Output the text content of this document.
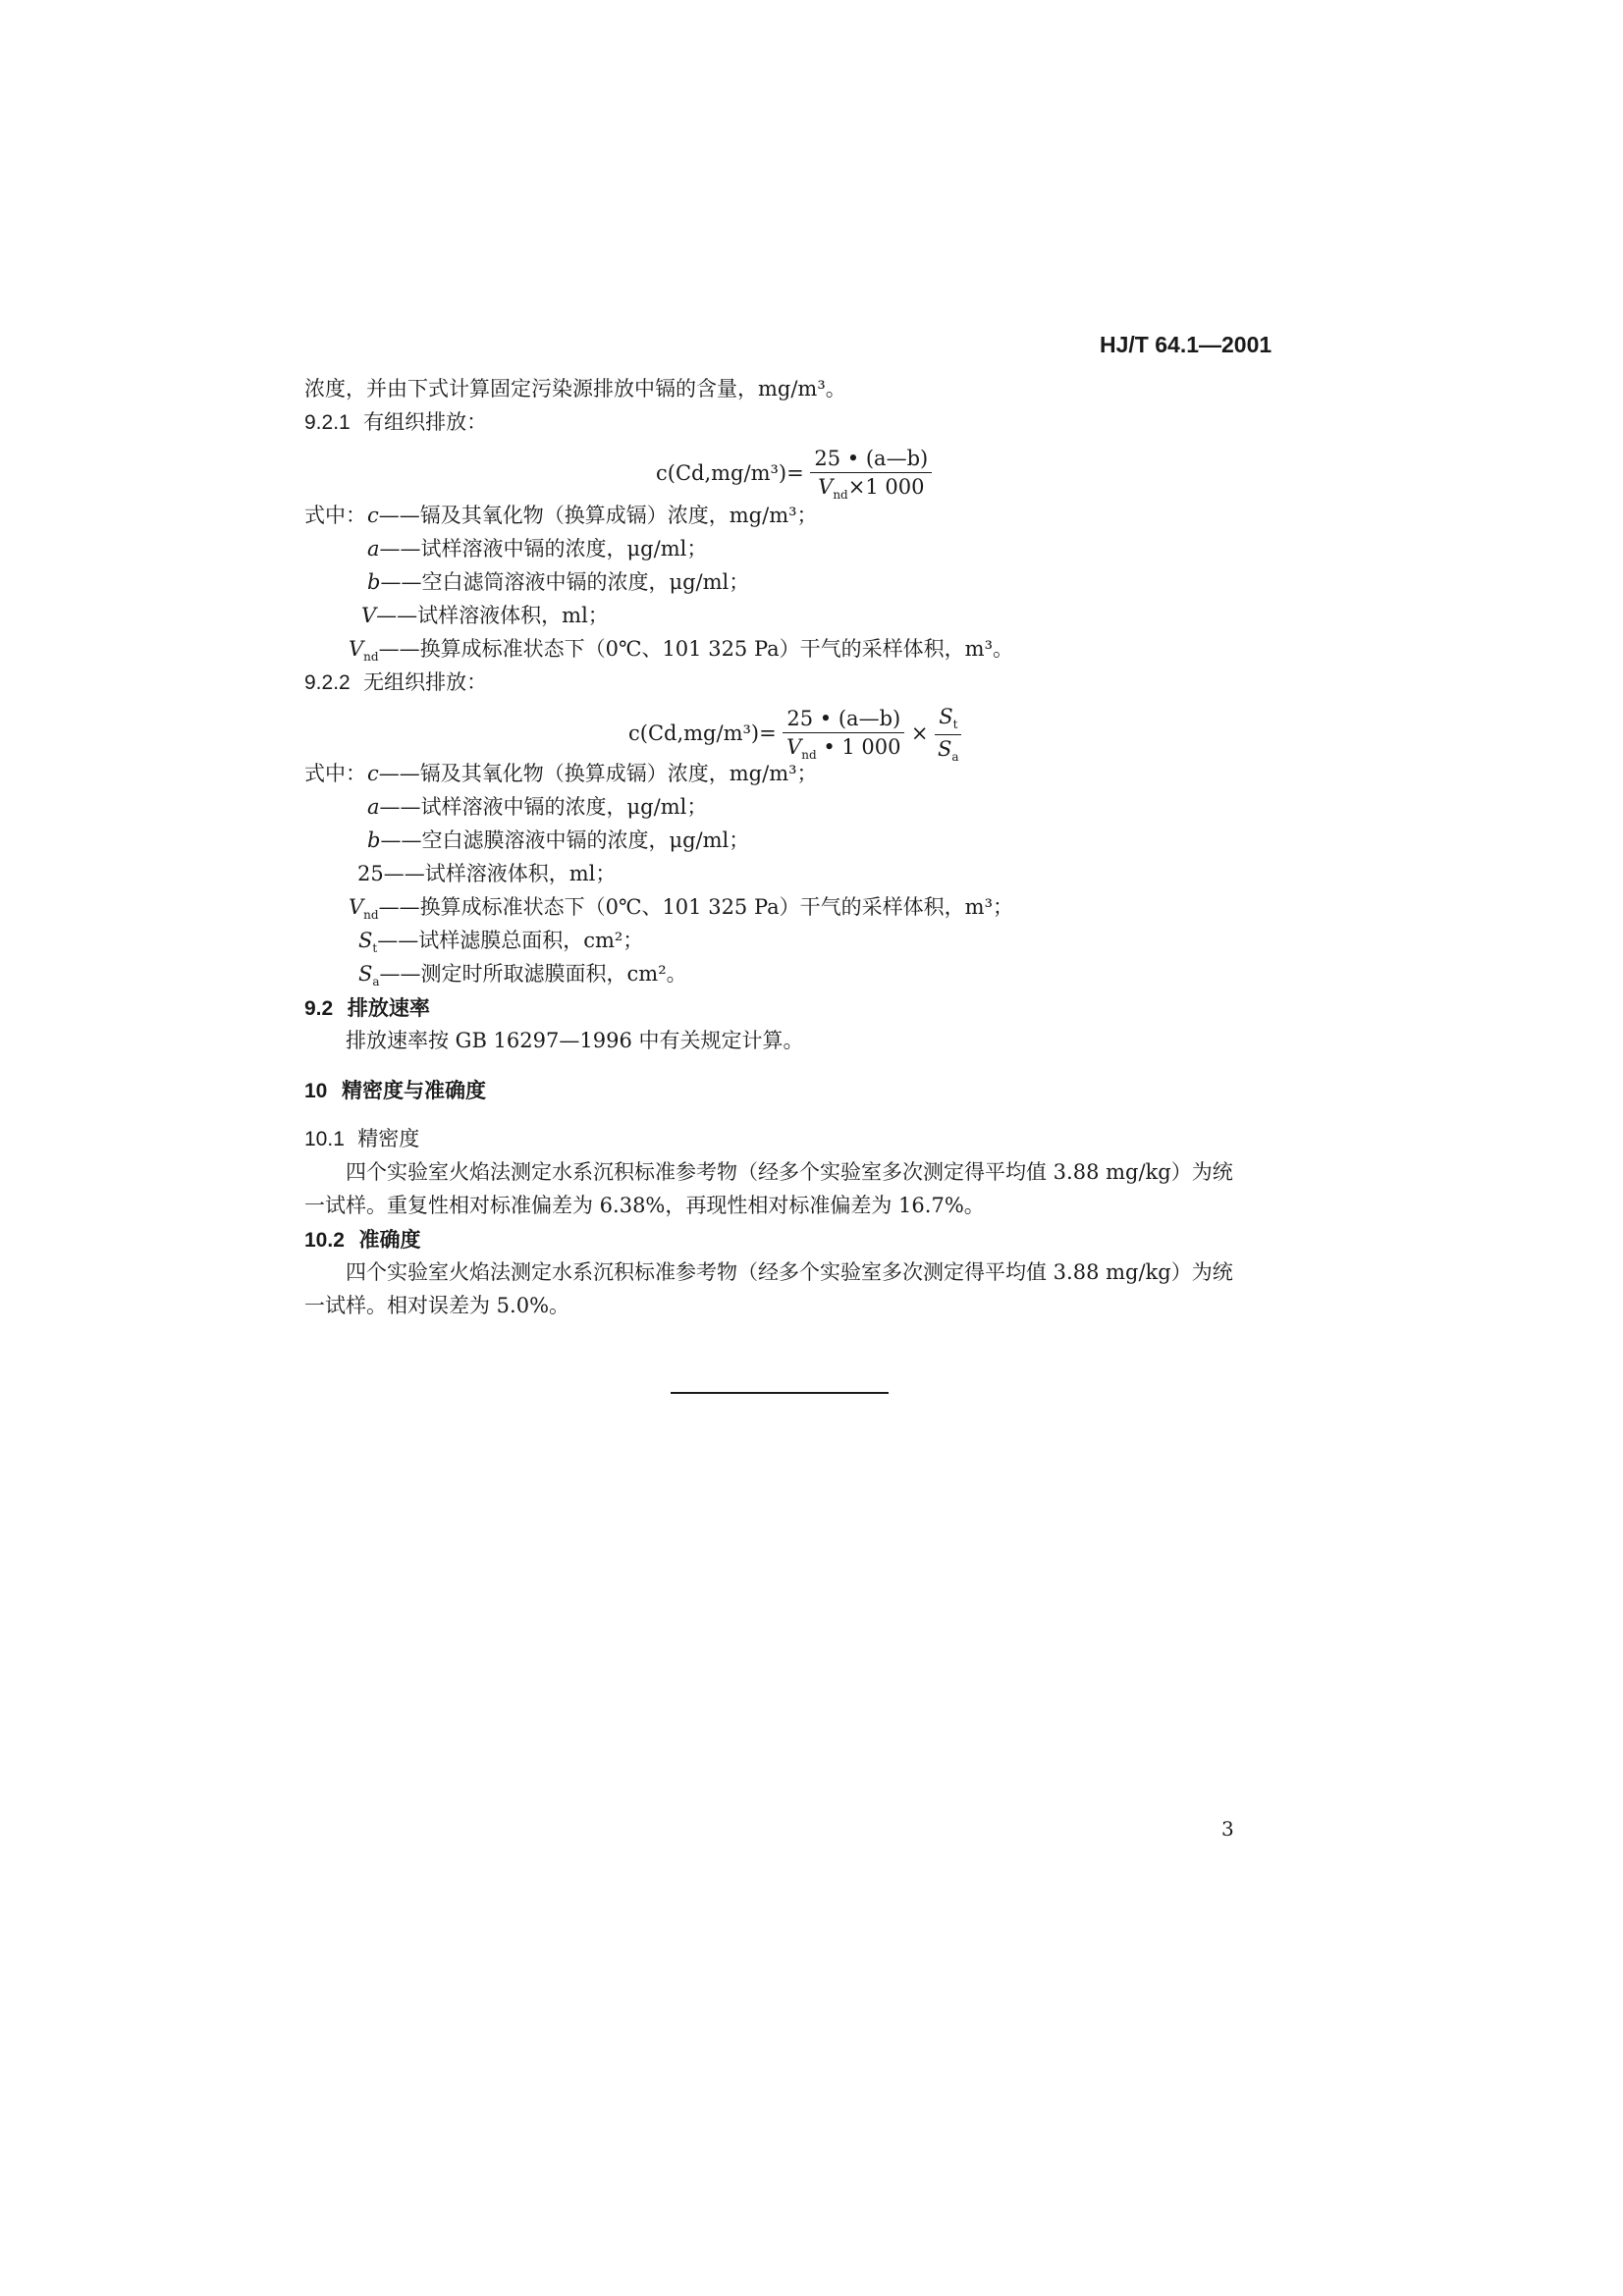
HJ/T 64.1—2001
浓度，并由下式计算固定污染源排放中镉的含量，mg/m³。
9.2.1 有组织排放：
$c(Cd,mg/m^3)= \frac{25 • (a—b)}{V_{nd}\times 1 000}$
式中： c——镉及其氧化物（换算成镉）浓度，mg/m³；
a——试样溶液中镉的浓度，μg/ml；
b——空白滤筒溶液中镉的浓度，μg/ml；
V——试样溶液体积，ml；
$V_{nd}——$换算成标准状态下（0℃、101 325 Pa）干气的采样体积，m³。
9.2.2 无组织排放：
$c(Cd,mg/m^3)= \frac{25 • (a—b)}{V_{nd} • 1 000} \times \frac{S_t}{S_a}$
式中： c——镉及其氧化物（换算成镉）浓度，mg/m³；
a——试样溶液中镉的浓度，μg/ml；
b——空白滤膜溶液中镉的浓度，μg/ml；
25——试样溶液体积，ml；
$V_{nd}——$换算成标准状态下（0℃、101 325 Pa）干气的采样体积，m³；
$S_t——$试样滤膜总面积，cm²；
$S_a——$测定时所取滤膜面积，cm²。
9.2 排放速率
排放速率按 GB 16297—1996 中有关规定计算。
10 精密度与准确度
10.1 精密度
四个实验室火焰法测定水系沉积标准参考物（经多个实验室多次测定得平均值 3.88 mg/kg）为统
一试样。重复性相对标准偏差为 6.38%，再现性相对标准偏差为 16.7%。
10.2 准确度
四个实验室火焰法测定水系沉积标准参考物（经多个实验室多次测定得平均值 3.88 mg/kg）为统
一试样。相对误差为 5.0%。
3
